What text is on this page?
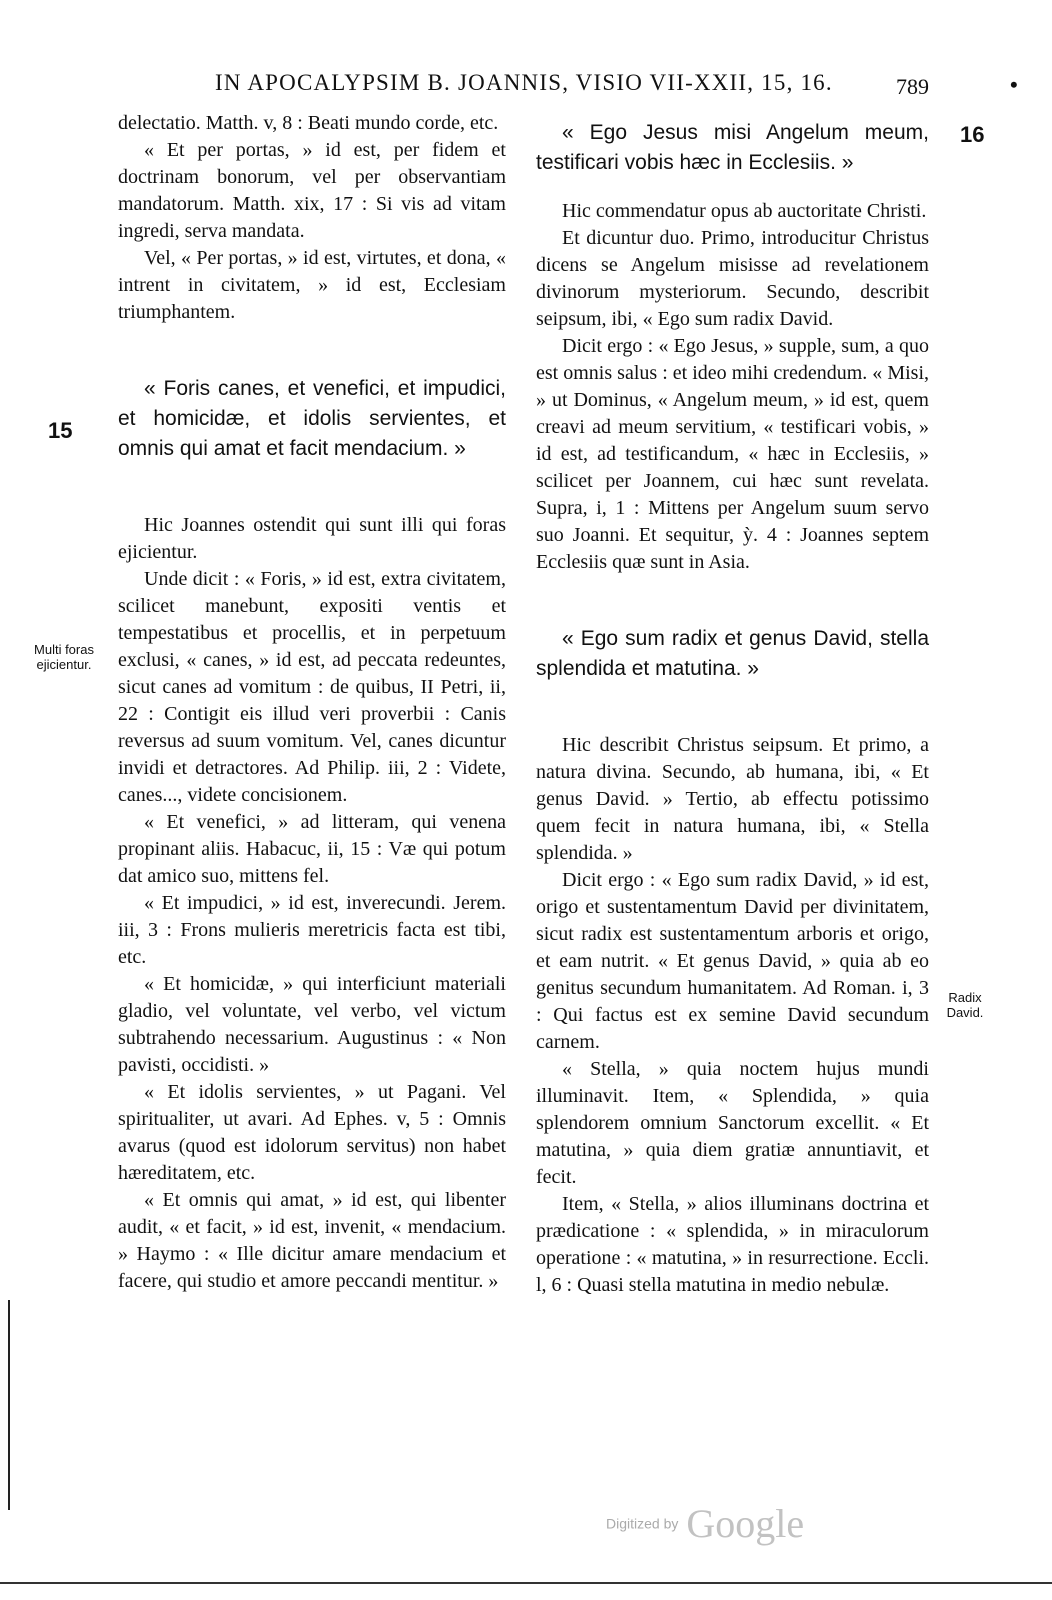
IN APOCALYPSIM B. JOANNIS, VISIO VII-XXII, 15, 16.	789	•
15
16
Multi foras ejicientur.
Radix David.

delectatio. Matth. v, 8 : Beati mundo corde, etc.

« Et per portas, » id est, per fidem et doctrinam bonorum, vel per observantiam mandatorum. Matth. xix, 17 : Si vis ad vitam ingredi, serva mandata.

Vel, « Per portas, » id est, virtutes, et dona, « intrent in civitatem, » id est, Ecclesiam triumphantem.

« Foris canes, et venefici, et impudici, et homicidæ, et idolis servientes, et omnis qui amat et facit mendacium. »

Hic Joannes ostendit qui sunt illi qui foras ejicientur.

Unde dicit : « Foris, » id est, extra civitatem, scilicet manebunt, expositi ventis et tempestatibus et procellis, et in perpetuum exclusi, « canes, » id est, ad peccata redeuntes, sicut canes ad vomitum : de quibus, II Petri, ii, 22 : Contigit eis illud veri proverbii : Canis reversus ad suum vomitum. Vel, canes dicuntur invidi et detractores. Ad Philip. iii, 2 : Videte, canes..., videte concisionem.

« Et venefici, » ad litteram, qui venena propinant aliis. Habacuc, ii, 15 : Væ qui potum dat amico suo, mittens fel.

« Et impudici, » id est, inverecundi. Jerem. iii, 3 : Frons mulieris meretricis facta est tibi, etc.

« Et homicidæ, » qui interficiunt materiali gladio, vel voluntate, vel verbo, vel victum subtrahendo necessarium. Augustinus : « Non pavisti, occidisti. »

« Et idolis servientes, » ut Pagani. Vel spiritualiter, ut avari. Ad Ephes. v, 5 : Omnis avarus (quod est idolorum servitus) non habet hæreditatem, etc.

« Et omnis qui amat, » id est, qui libenter audit, « et facit, » id est, invenit, « mendacium. » Haymo : « Ille dicitur amare mendacium et facere, qui studio et amore peccandi mentitur. »

« Ego Jesus misi Angelum meum, testificari vobis hæc in Ecclesiis. »

Hic commendatur opus ab auctoritate Christi.

Et dicuntur duo. Primo, introducitur Christus dicens se Angelum misisse ad revelationem divinorum mysteriorum. Secundo, describit seipsum, ibi, « Ego sum radix David.

Dicit ergo : « Ego Jesus, » supple, sum, a quo est omnis salus : et ideo mihi credendum. « Misi, » ut Dominus, « Angelum meum, » id est, quem creavi ad meum servitium, « testificari vobis, » id est, ad testificandum, « hæc in Ecclesiis, » scilicet per Joannem, cui hæc sunt revelata. Supra, i, 1 : Mittens per Angelum suum servo suo Joanni. Et sequitur, ỳ. 4 : Joannes septem Ecclesiis quæ sunt in Asia.

« Ego sum radix et genus David, stella splendida et matutina. »

Hic describit Christus seipsum. Et primo, a natura divina. Secundo, ab humana, ibi, « Et genus David. » Tertio, ab effectu potissimo quem fecit in natura humana, ibi, « Stella splendida. »

Dicit ergo : « Ego sum radix David, » id est, origo et sustentamentum David per divinitatem, sicut radix est sustentamentum arboris et origo, et eam nutrit. « Et genus David, » quia ab eo genitus secundum humanitatem. Ad Roman. i, 3 : Qui factus est ex semine David secundum carnem.

« Stella, » quia noctem hujus mundi illuminavit. Item, « Splendida, » quia splendorem omnium Sanctorum excellit. « Et matutina, » quia diem gratiæ annuntiavit, et fecit.

Item, « Stella, » alios illuminans doctrina et prædicatione : « splendida, » in miraculorum operatione : « matutina, » in resurrectione. Eccli. l, 6 : Quasi stella matutina in medio nebulæ.

Digitized by Google
